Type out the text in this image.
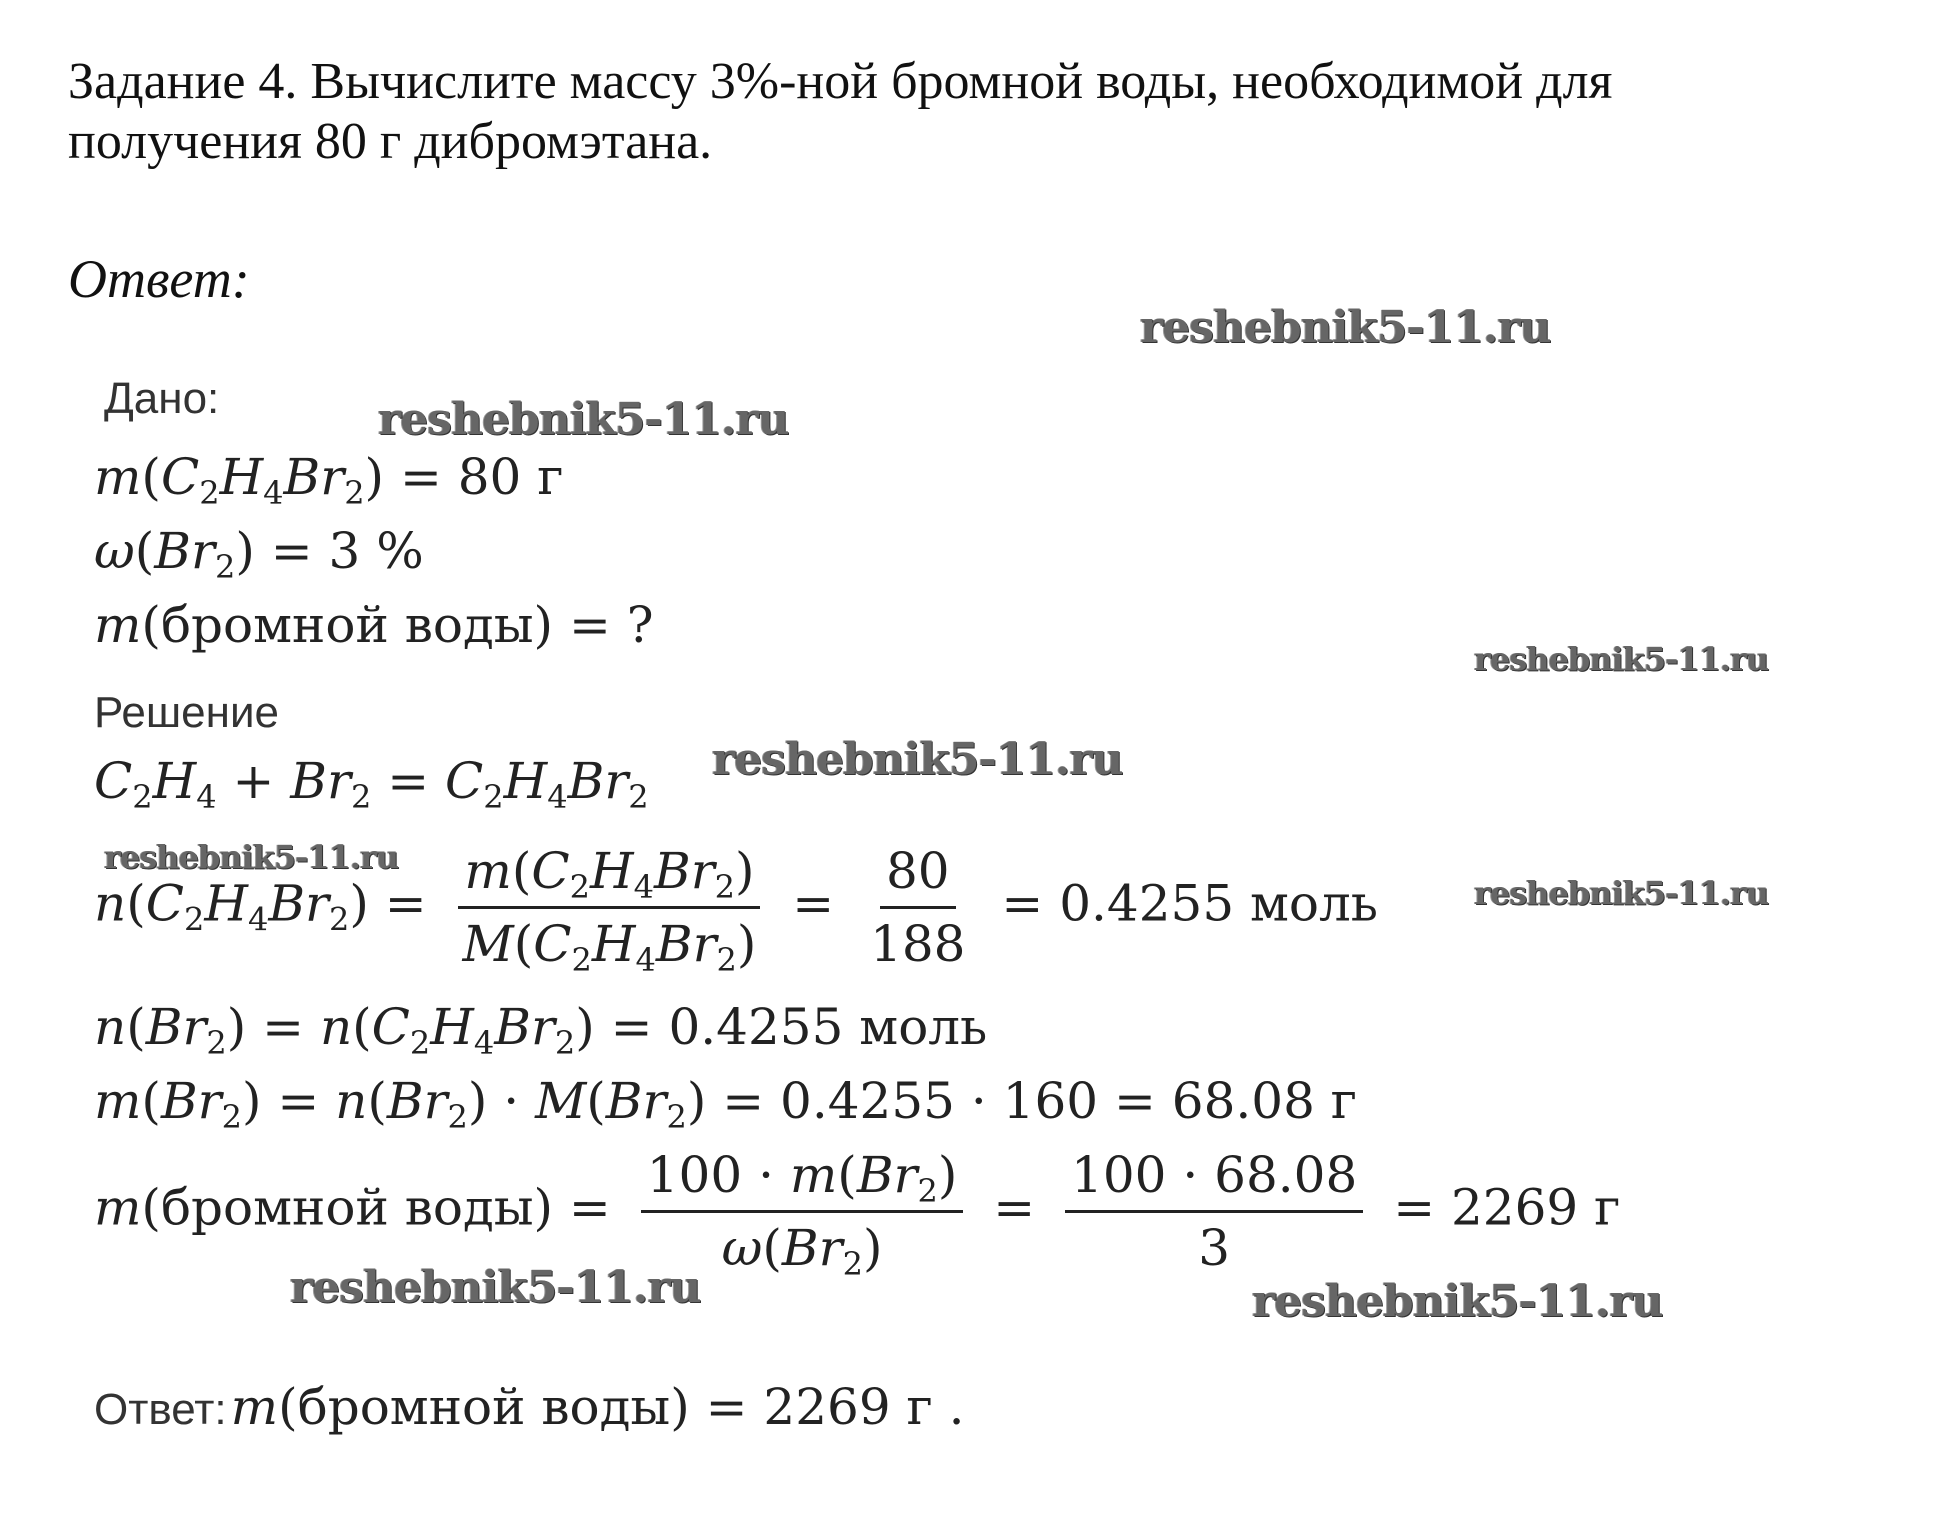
Задание 4. Вычислите массу 3%-ной бромной воды, необходимой для
получения 80 г дибромэтана.
Ответ:
Дано:
$m(C_2H_4Br_2) = 80$ г
$\omega(Br_2) = 3$ %
m(бромной воды) = ?
Решение
$C_2H_4 + Br_2 = C_2H_4Br_2$
$n(C_2H_4Br_2) = \frac{m(C_2H_4Br_2)}{M(C_2H_4Br_2)} = \frac{80}{188} = 0.4255$ моль
$n(Br_2) = n(C_2H_4Br_2) = 0.4255$ моль
$m(Br_2) = n(Br_2) \cdot M(Br_2) = 0.4255 \cdot 160 = 68.08$ г
m(бромной воды) = $\frac{100 \cdot m(Br_2)}{\omega(Br_2)} = \frac{100 \cdot 68.08}{3} = 2269$ г
Ответ: m(бромной воды) = 2269 г .
reshebnik5-11.ru
reshebnik5-11.ru
reshebnik5-11.ru
reshebnik5-11.ru
reshebnik5-11.ru
reshebnik5-11.ru
reshebnik5-11.ru	reshebnik5-11.ru
